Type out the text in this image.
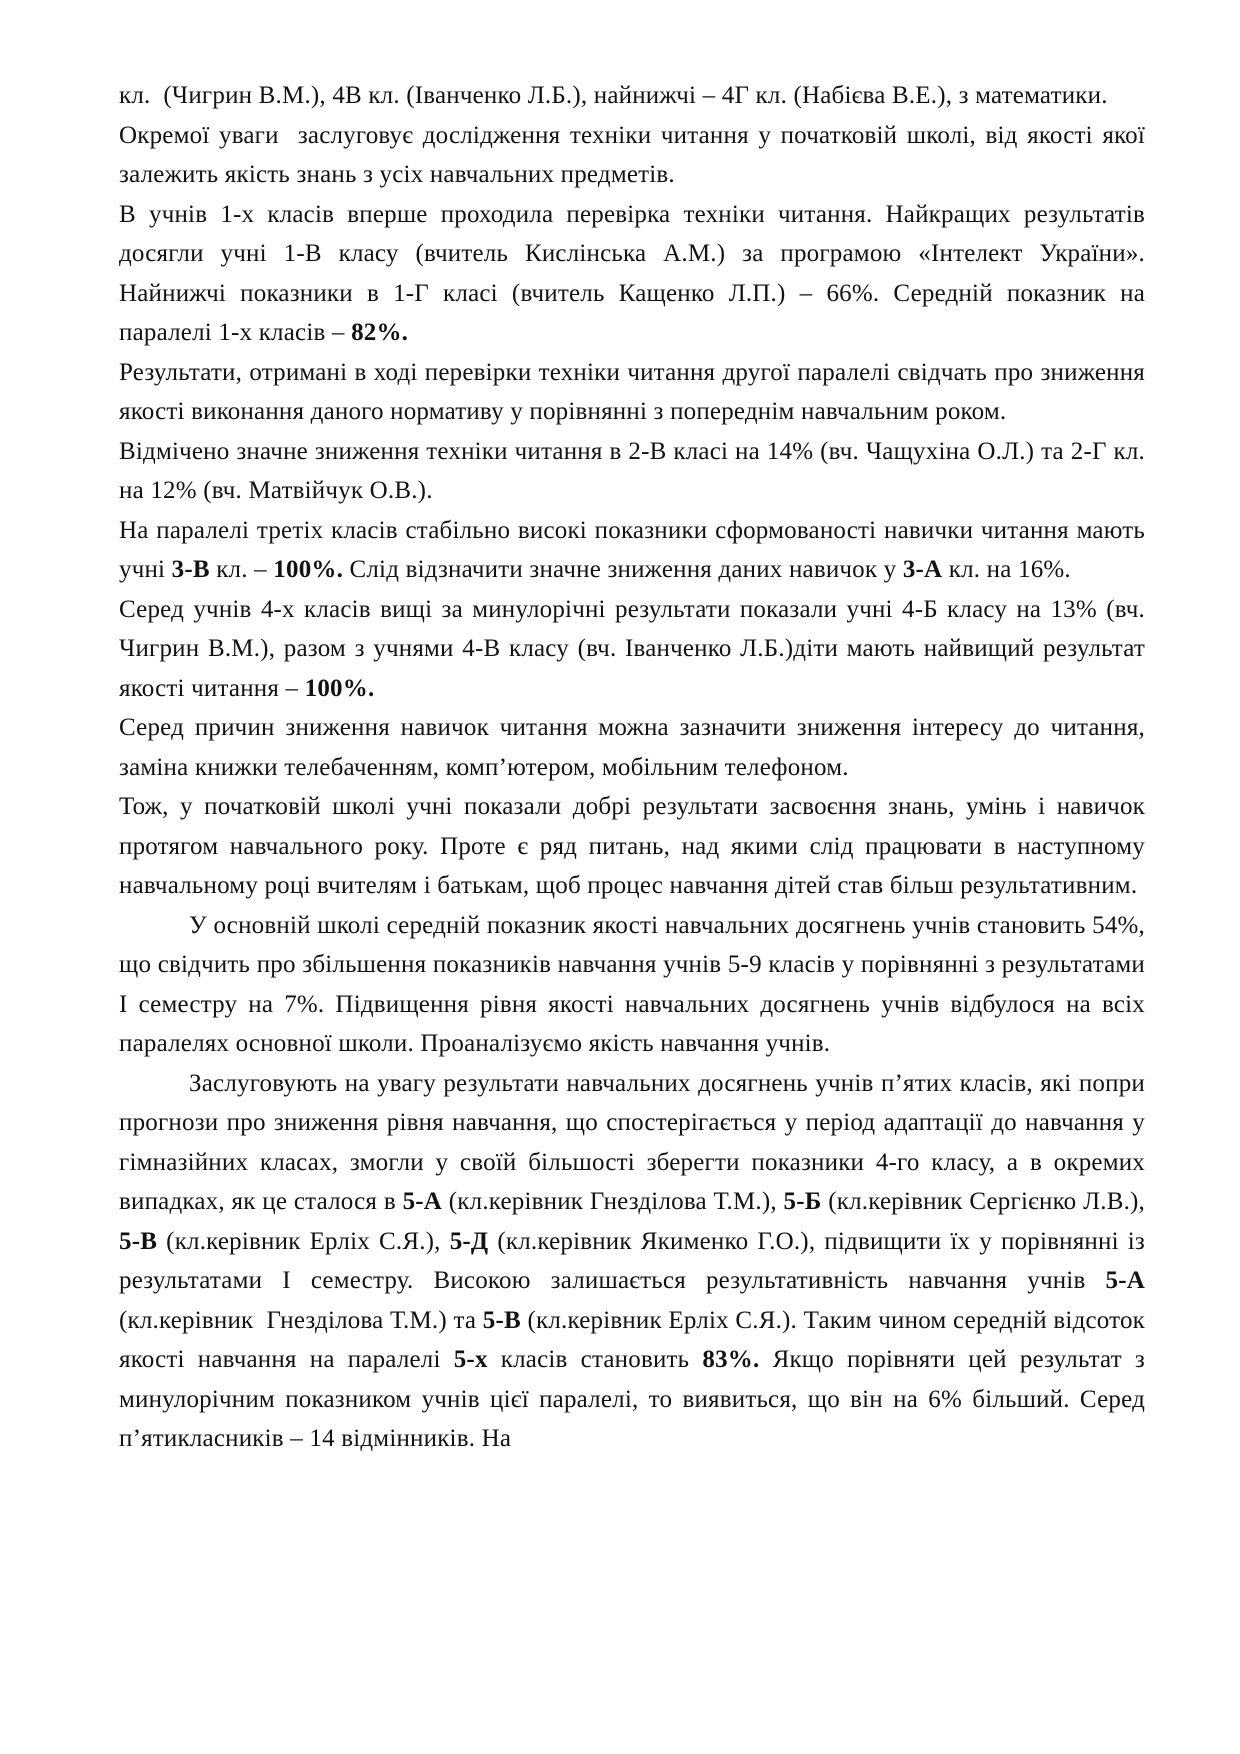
кл.  (Чигрин В.М.), 4В кл. (Іванченко Л.Б.), найнижчі – 4Г кл. (Набієва В.Е.), з математики.

Окремої уваги  заслуговує дослідження техніки читання у початковій школі, від якості якої залежить якість знань з усіх навчальних предметів.

В учнів 1-х класів вперше проходила перевірка техніки читання. Найкращих результатів досягли учні 1-В класу (вчитель Кислінська А.М.) за програмою «Інтелект України». Найнижчі показники в 1-Г класі (вчитель Кащенко Л.П.) – 66%. Середній показник на паралелі 1-х класів – 82%.

Результати, отримані в ході перевірки техніки читання другої паралелі свідчать про зниження якості виконання даного нормативу у порівнянні з попереднім навчальним роком.

Відмічено значне зниження техніки читання в 2-В класі на 14% (вч. Чащухіна О.Л.) та 2-Г кл. на 12% (вч. Матвійчук О.В.).

На паралелі третіх класів стабільно високі показники сформованості навички читання мають учні 3-В кл. – 100%. Слід відзначити значне зниження даних навичок у 3-А кл. на 16%.

Серед учнів 4-х класів вищі за минулорічні результати показали учні 4-Б класу на 13% (вч. Чигрин В.М.), разом з учнями 4-В класу (вч. Іванченко Л.Б.)діти мають найвищий результат якості читання – 100%.

Серед причин зниження навичок читання можна зазначити зниження інтересу до читання, заміна книжки телебаченням, комп’ютером, мобільним телефоном.

Тож, у початковій школі учні показали добрі результати засвоєння знань, умінь і навичок протягом навчального року. Проте є ряд питань, над якими слід працювати в наступному навчальному році вчителям і батькам, щоб процес навчання дітей став більш результативним.

У основній школі середній показник якості навчальних досягнень учнів становить 54%, що свідчить про збільшення показників навчання учнів 5-9 класів у порівнянні з результатами І семестру на 7%. Підвищення рівня якості навчальних досягнень учнів відбулося на всіх паралелях основної школи. Проаналізуємо якість навчання учнів.

Заслуговують на увагу результати навчальних досягнень учнів п’ятих класів, які попри прогнози про зниження рівня навчання, що спостерігається у період адаптації до навчання у гімназійних класах, змогли у своїй більшості зберегти показники 4-го класу, а в окремих випадках, як це сталося в 5-А (кл.керівник Гнезділова Т.М.), 5-Б (кл.керівник Сергієнко Л.В.), 5-В (кл.керівник Ерліх С.Я.), 5-Д (кл.керівник Якименко Г.О.), підвищити їх у порівнянні із результатами І семестру. Високою залишається результативність навчання учнів 5-А (кл.керівник  Гнезділова Т.М.) та 5-В (кл.керівник Ерліх С.Я.). Таким чином середній відсоток якості навчання на паралелі 5-х класів становить 83%. Якщо порівняти цей результат з минулорічним показником учнів цієї паралелі, то виявиться, що він на 6% більший. Серед п’ятикласників – 14 відмінників. На
